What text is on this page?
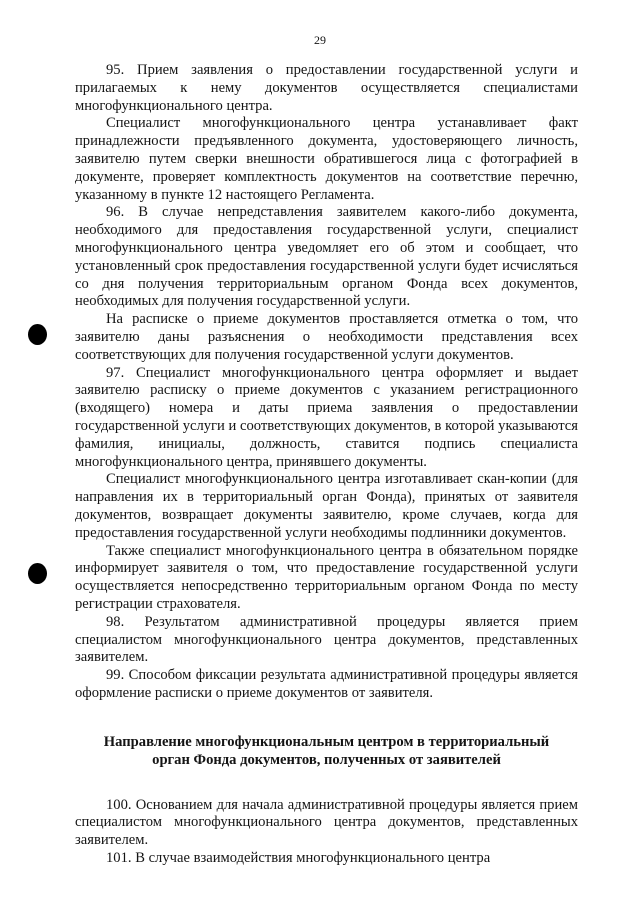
29

95. Прием заявления о предоставлении государственной услуги и прилагаемых к нему документов осуществляется специалистами многофункционального центра.

Специалист многофункционального центра устанавливает факт принадлежности предъявленного документа, удостоверяющего личность, заявителю путем сверки внешности обратившегося лица с фотографией в документе, проверяет комплектность документов на соответствие перечню, указанному в пункте 12 настоящего Регламента.

96. В случае непредставления заявителем какого-либо документа, необходимого для предоставления государственной услуги, специалист многофункционального центра уведомляет его об этом и сообщает, что установленный срок предоставления государственной услуги будет исчисляться со дня получения территориальным органом Фонда всех документов, необходимых для получения государственной услуги.

На расписке о приеме документов проставляется отметка о том, что заявителю даны разъяснения о необходимости представления всех соответствующих для получения государственной услуги документов.

97. Специалист многофункционального центра оформляет и выдает заявителю расписку о приеме документов с указанием регистрационного (входящего) номера и даты приема заявления о предоставлении государственной услуги и соответствующих документов, в которой указываются фамилия, инициалы, должность, ставится подпись специалиста многофункционального центра, принявшего документы.

Специалист многофункционального центра изготавливает скан-копии (для направления их в территориальный орган Фонда), принятых от заявителя документов, возвращает документы заявителю, кроме случаев, когда для предоставления государственной услуги необходимы подлинники документов.

Также специалист многофункционального центра в обязательном порядке информирует заявителя о том, что предоставление государственной услуги осуществляется непосредственно территориальным органом Фонда по месту регистрации страхователя.

98. Результатом административной процедуры является прием специалистом многофункционального центра документов, представленных заявителем.

99. Способом фиксации результата административной процедуры является оформление расписки о приеме документов от заявителя.

Направление многофункциональным центром в территориальный
орган Фонда документов, полученных от заявителей

100. Основанием для начала административной процедуры является прием специалистом многофункционального центра документов, представленных заявителем.

101. В случае взаимодействия многофункционального центра
